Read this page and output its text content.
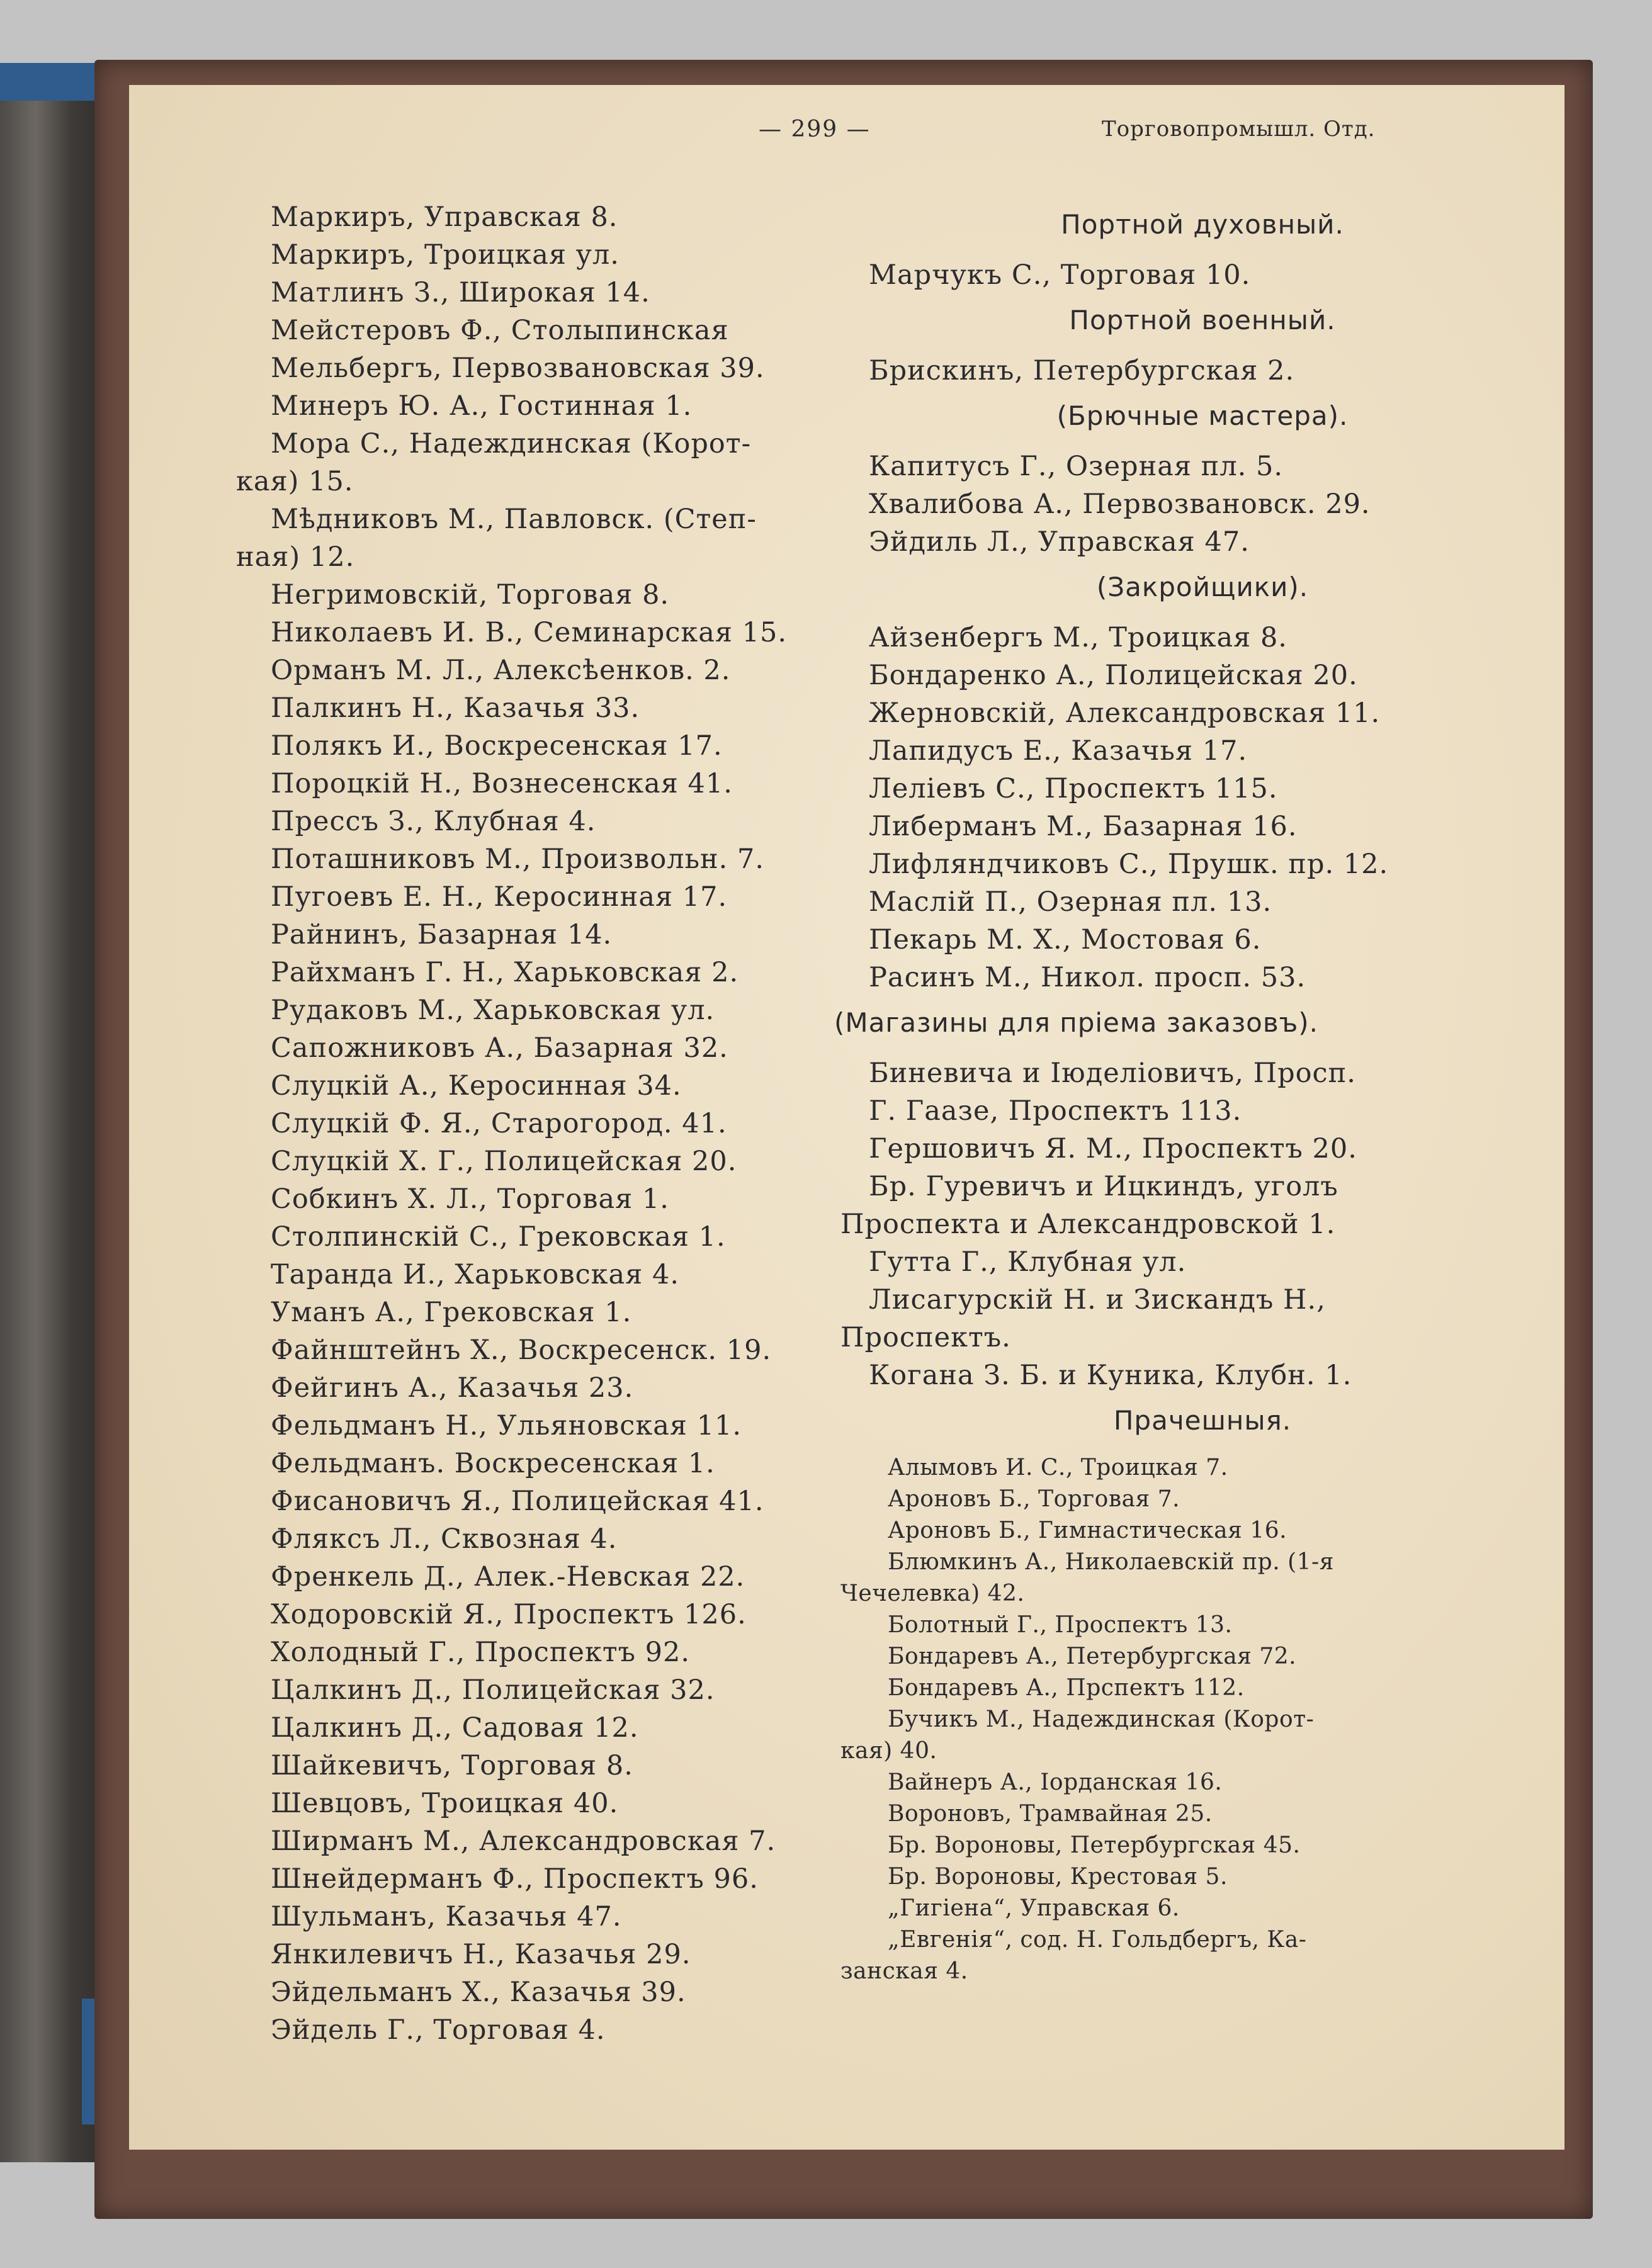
— 299 —	Торговопромышл. Отд.
Маркиръ, Управская 8.
Маркиръ, Троицкая ул.
Матлинъ З., Широкая 14.
Мейстеровъ Ф., Столыпинская
Мельбергъ, Первозвановская 39.
Минеръ Ю. А., Гостинная 1.
Мора С., Надеждинская (Корот-
кая) 15.
Мѣдниковъ М., Павловск. (Степ-
ная) 12.
Негримовскій, Торговая 8.
Николаевъ И. В., Семинарская 15.
Орманъ М. Л., Алексѣенков. 2.
Палкинъ Н., Казачья 33.
Полякъ И., Воскресенская 17.
Пороцкій Н., Вознесенская 41.
Прессъ З., Клубная 4.
Поташниковъ М., Произвольн. 7.
Пугоевъ Е. Н., Керосинная 17.
Райнинъ, Базарная 14.
Райхманъ Г. Н., Харьковская 2.
Рудаковъ М., Харьковская ул.
Сапожниковъ А., Базарная 32.
Слуцкій А., Керосинная 34.
Слуцкій Ф. Я., Старогород. 41.
Слуцкій Х. Г., Полицейская 20.
Собкинъ Х. Л., Торговая 1.
Столпинскій С., Грековская 1.
Таранда И., Харьковская 4.
Уманъ А., Грековская 1.
Файнштейнъ Х., Воскресенск. 19.
Фейгинъ А., Казачья 23.
Фельдманъ Н., Ульяновская 11.
Фельдманъ. Воскресенская 1.
Фисановичъ Я., Полицейская 41.
Фляксъ Л., Сквозная 4.
Френкель Д., Алек.-Невская 22.
Ходоровскій Я., Проспектъ 126.
Холодный Г., Проспектъ 92.
Цалкинъ Д., Полицейская 32.
Цалкинъ Д., Садовая 12.
Шайкевичъ, Торговая 8.
Шевцовъ, Троицкая 40.
Ширманъ М., Александровская 7.
Шнейдерманъ Ф., Проспектъ 96.
Шульманъ, Казачья 47.
Янкилевичъ Н., Казачья 29.
Эйдельманъ Х., Казачья 39.
Эйдель Г., Торговая 4.
Портной духовный.
Марчукъ С., Торговая 10.
Портной военный.
Брискинъ, Петербургская 2.
(Брючные мастера).
Капитусъ Г., Озерная пл. 5.
Хвалибова А., Первозвановск. 29.
Эйдиль Л., Управская 47.
(Закройщики).
Айзенбергъ М., Троицкая 8.
Бондаренко А., Полицейская 20.
Жерновскій, Александровская 11.
Лапидусъ Е., Казачья 17.
Леліевъ С., Проспектъ 115.
Либерманъ М., Базарная 16.
Лифляндчиковъ С., Прушк. пр. 12.
Маслій П., Озерная пл. 13.
Пекарь М. Х., Мостовая 6.
Расинъ М., Никол. просп. 53.
(Магазины для пріема заказовъ).
Биневича и Іюделіовичъ, Просп.
Г. Гаазе, Проспектъ 113.
Гершовичъ Я. М., Проспектъ 20.
Бр. Гуревичъ и Ицкиндъ, уголъ
Проспекта и Александровской 1.
Гутта Г., Клубная ул.
Лисагурскій Н. и Зискандъ Н.,
Проспектъ.
Когана З. Б. и Куника, Клубн. 1.
Прачешныя.
Алымовъ И. С., Троицкая 7.
Ароновъ Б., Торговая 7.
Ароновъ Б., Гимнастическая 16.
Блюмкинъ А., Николаевскій пр. (1-я
Чечелевка) 42.
Болотный Г., Проспектъ 13.
Бондаревъ А., Петербургская 72.
Бондаревъ А., Прспектъ 112.
Бучикъ М., Надеждинская (Корот-
кая) 40.
Вайнеръ А., Іорданская 16.
Вороновъ, Трамвайная 25.
Бр. Вороновы, Петербургская 45.
Бр. Вороновы, Крестовая 5.
„Гигіена“, Управская 6.
„Евгенія“, сод. Н. Гольдбергъ, Ка-
занская 4.
